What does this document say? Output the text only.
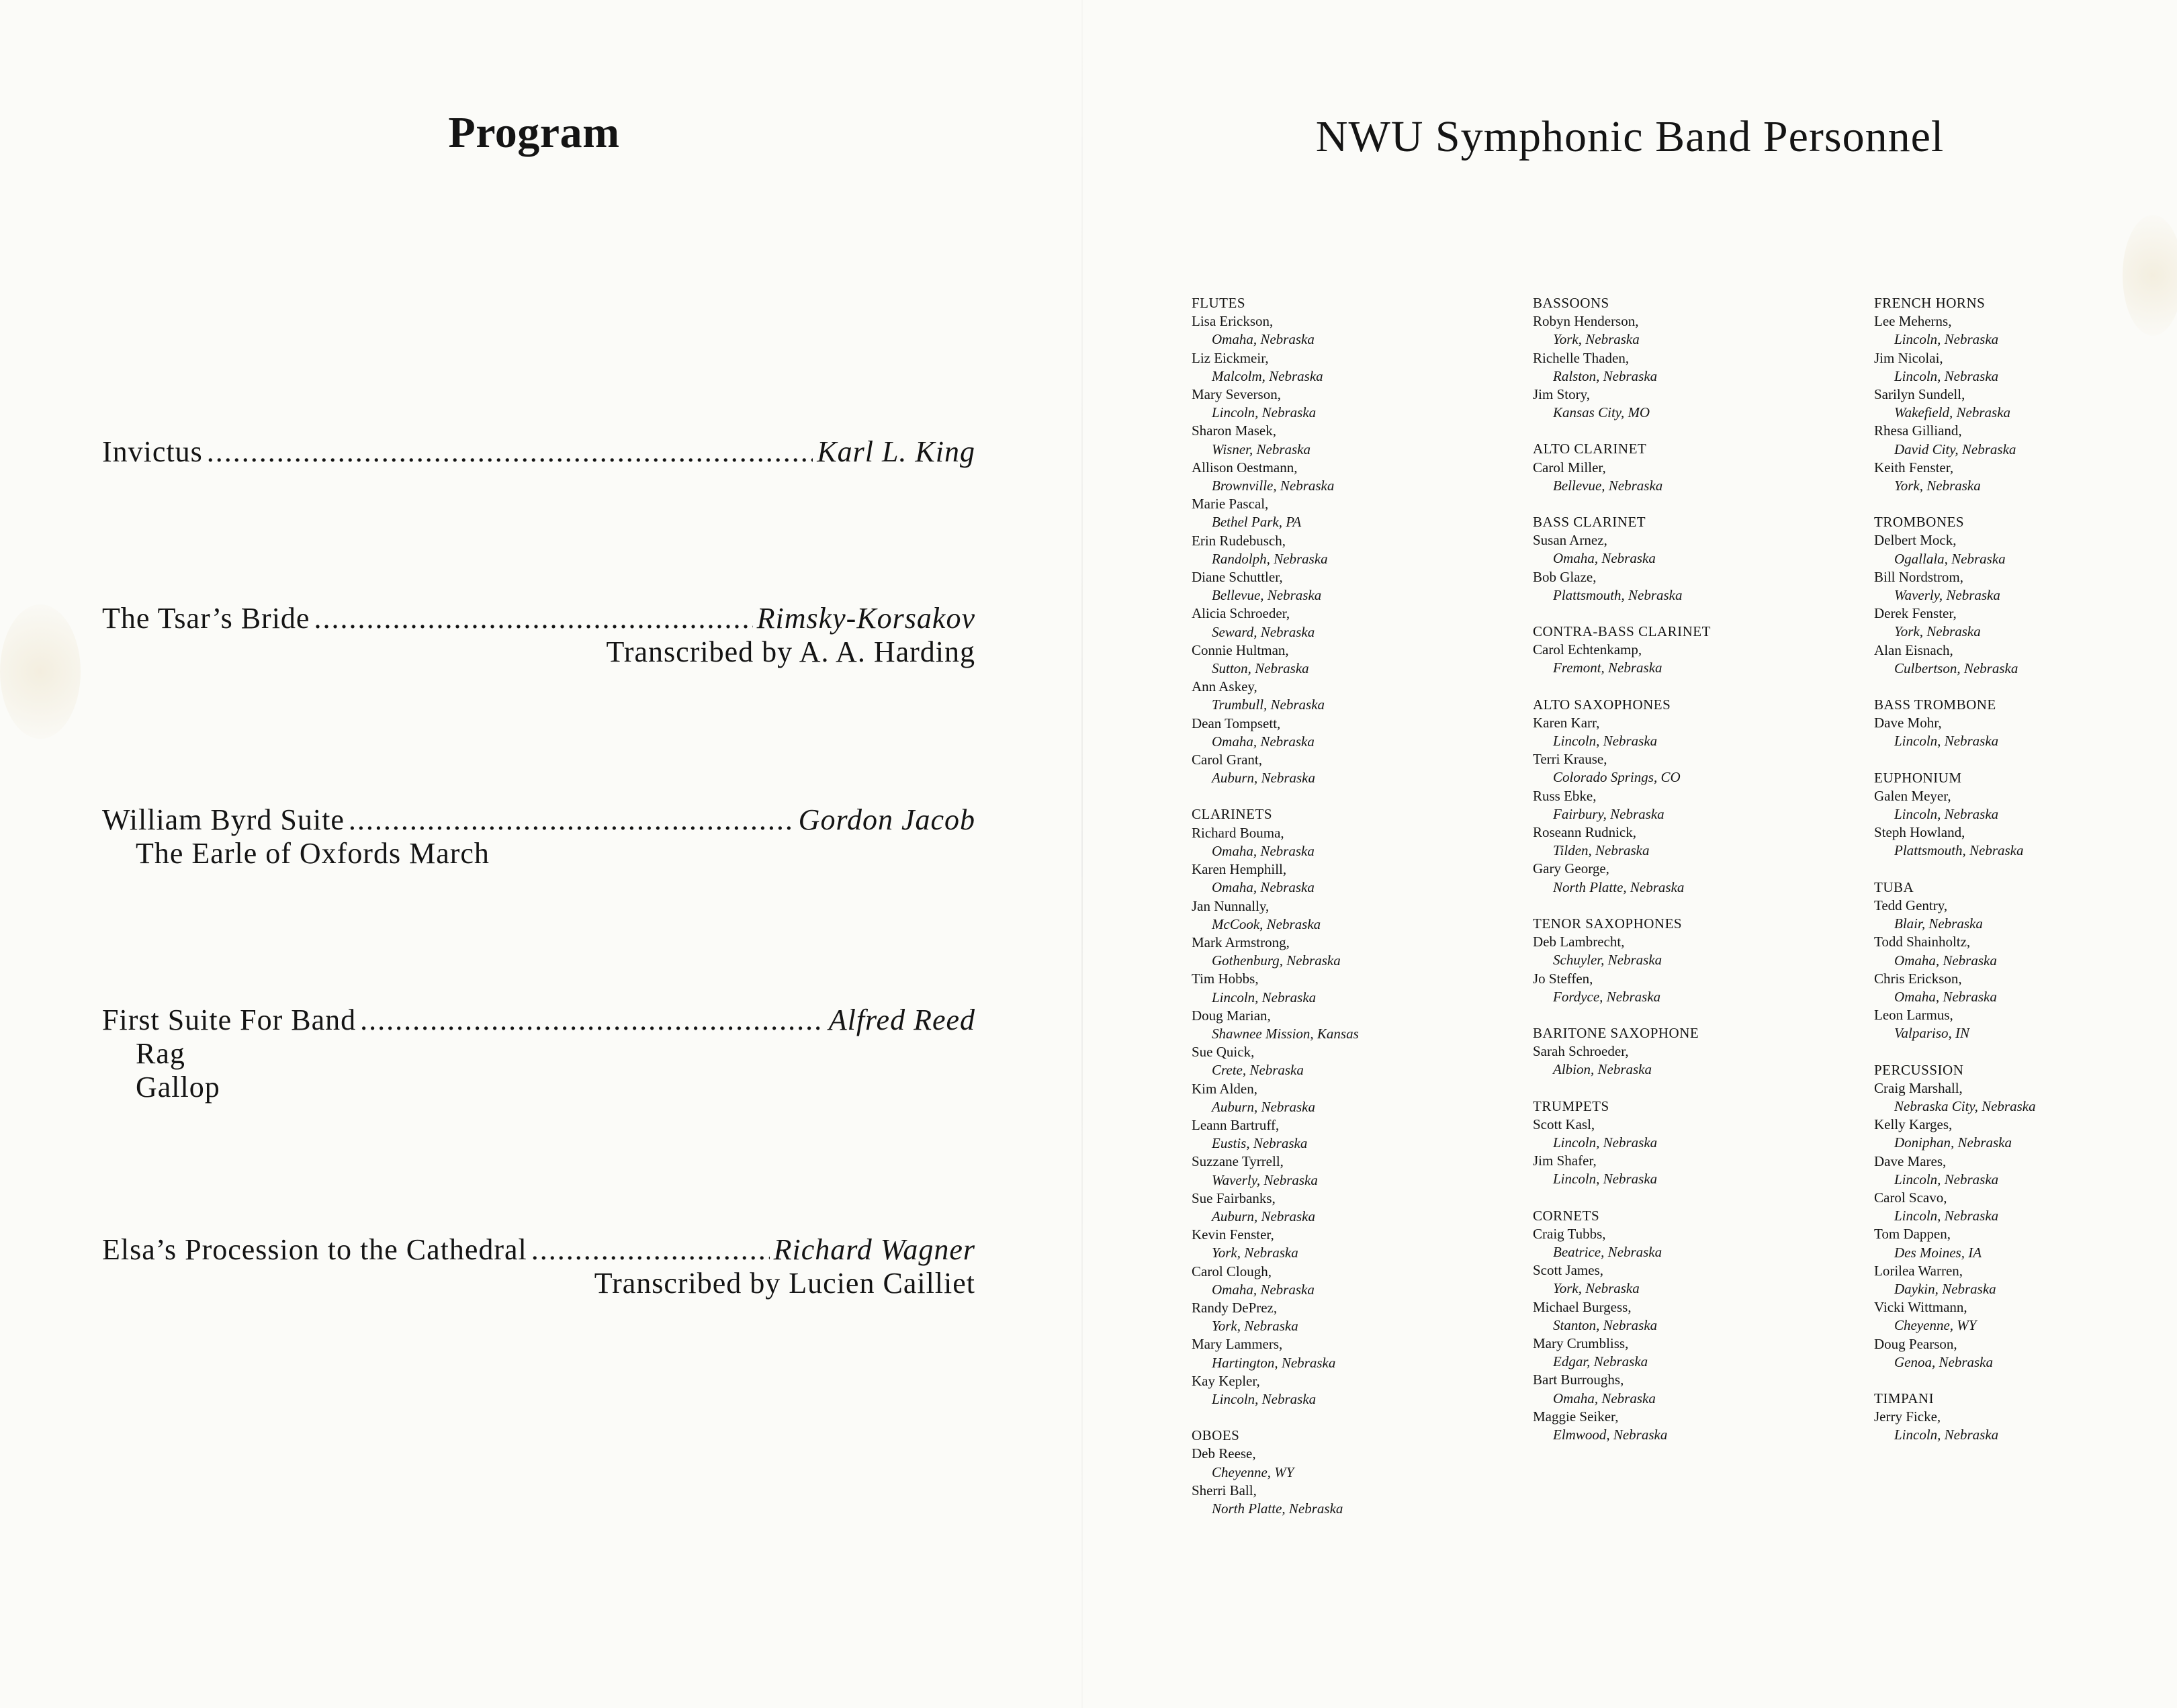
Program
Invictus .....	Karl L. King
The Tsar’s Bride .....	Rimsky-Korsakov
Transcribed by A. A. Harding
William Byrd Suite .....	Gordon Jacob
The Earle of Oxfords March
First Suite For Band .....	Alfred Reed
Rag
Gallop
Elsa’s Procession to the Cathedral .....	Richard Wagner
Transcribed by Lucien Cailliet
NWU Symphonic Band Personnel
FLUTES
Lisa Erickson,
Omaha, Nebraska
Liz Eickmeir,
Malcolm, Nebraska
Mary Severson,
Lincoln, Nebraska
Sharon Masek,
Wisner, Nebraska
Allison Oestmann,
Brownville, Nebraska
Marie Pascal,
Bethel Park, PA
Erin Rudebusch,
Randolph, Nebraska
Diane Schuttler,
Bellevue, Nebraska
Alicia Schroeder,
Seward, Nebraska
Connie Hultman,
Sutton, Nebraska
Ann Askey,
Trumbull, Nebraska
Dean Tompsett,
Omaha, Nebraska
Carol Grant,
Auburn, Nebraska
CLARINETS
Richard Bouma,
Omaha, Nebraska
Karen Hemphill,
Omaha, Nebraska
Jan Nunnally,
McCook, Nebraska
Mark Armstrong,
Gothenburg, Nebraska
Tim Hobbs,
Lincoln, Nebraska
Doug Marian,
Shawnee Mission, Kansas
Sue Quick,
Crete, Nebraska
Kim Alden,
Auburn, Nebraska
Leann Bartruff,
Eustis, Nebraska
Suzzane Tyrrell,
Waverly, Nebraska
Sue Fairbanks,
Auburn, Nebraska
Kevin Fenster,
York, Nebraska
Carol Clough,
Omaha, Nebraska
Randy DePrez,
York, Nebraska
Mary Lammers,
Hartington, Nebraska
Kay Kepler,
Lincoln, Nebraska
OBOES
Deb Reese,
Cheyenne, WY
Sherri Ball,
North Platte, Nebraska
BASSOONS
Robyn Henderson,
York, Nebraska
Richelle Thaden,
Ralston, Nebraska
Jim Story,
Kansas City, MO
ALTO CLARINET
Carol Miller,
Bellevue, Nebraska
BASS CLARINET
Susan Arnez,
Omaha, Nebraska
Bob Glaze,
Plattsmouth, Nebraska
CONTRA-BASS CLARINET
Carol Echtenkamp,
Fremont, Nebraska
ALTO SAXOPHONES
Karen Karr,
Lincoln, Nebraska
Terri Krause,
Colorado Springs, CO
Russ Ebke,
Fairbury, Nebraska
Roseann Rudnick,
Tilden, Nebraska
Gary George,
North Platte, Nebraska
TENOR SAXOPHONES
Deb Lambrecht,
Schuyler, Nebraska
Jo Steffen,
Fordyce, Nebraska
BARITONE SAXOPHONE
Sarah Schroeder,
Albion, Nebraska
TRUMPETS
Scott Kasl,
Lincoln, Nebraska
Jim Shafer,
Lincoln, Nebraska
CORNETS
Craig Tubbs,
Beatrice, Nebraska
Scott James,
York, Nebraska
Michael Burgess,
Stanton, Nebraska
Mary Crumbliss,
Edgar, Nebraska
Bart Burroughs,
Omaha, Nebraska
Maggie Seiker,
Elmwood, Nebraska
FRENCH HORNS
Lee Meherns,
Lincoln, Nebraska
Jim Nicolai,
Lincoln, Nebraska
Sarilyn Sundell,
Wakefield, Nebraska
Rhesa Gilliand,
David City, Nebraska
Keith Fenster,
York, Nebraska
TROMBONES
Delbert Mock,
Ogallala, Nebraska
Bill Nordstrom,
Waverly, Nebraska
Derek Fenster,
York, Nebraska
Alan Eisnach,
Culbertson, Nebraska
BASS TROMBONE
Dave Mohr,
Lincoln, Nebraska
EUPHONIUM
Galen Meyer,
Lincoln, Nebraska
Steph Howland,
Plattsmouth, Nebraska
TUBA
Tedd Gentry,
Blair, Nebraska
Todd Shainholtz,
Omaha, Nebraska
Chris Erickson,
Omaha, Nebraska
Leon Larmus,
Valpariso, IN
PERCUSSION
Craig Marshall,
Nebraska City, Nebraska
Kelly Karges,
Doniphan, Nebraska
Dave Mares,
Lincoln, Nebraska
Carol Scavo,
Lincoln, Nebraska
Tom Dappen,
Des Moines, IA
Lorilea Warren,
Daykin, Nebraska
Vicki Wittmann,
Cheyenne, WY
Doug Pearson,
Genoa, Nebraska
TIMPANI
Jerry Ficke,
Lincoln, Nebraska
